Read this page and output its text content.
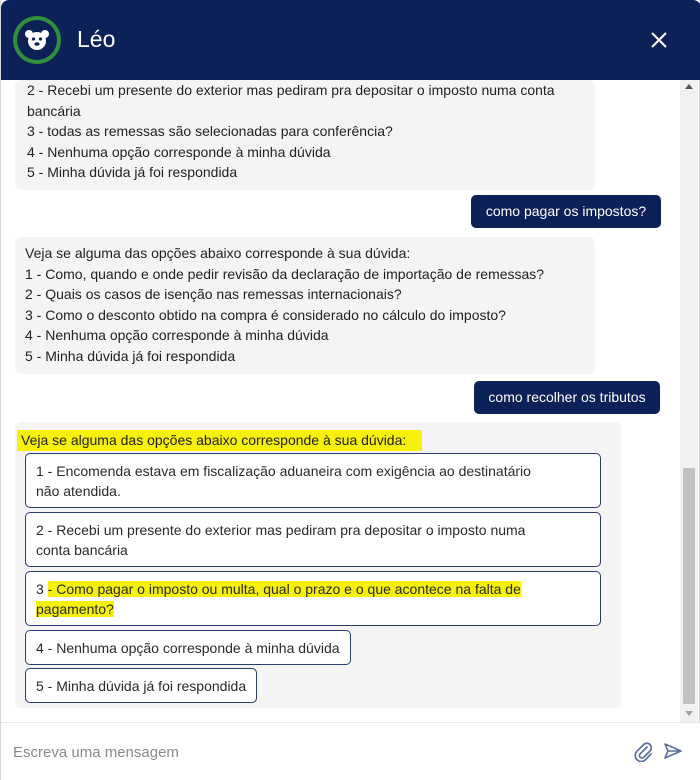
Léo
2 - Recebi um presente do exterior mas pediram pra depositar o imposto numa conta
bancária
3 - todas as remessas são selecionadas para conferência?
4 - Nenhuma opção corresponde à minha dúvida
5 - Minha dúvida já foi respondida
como pagar os impostos?
Veja se alguma das opções abaixo corresponde à sua dúvida:
1 - Como, quando e onde pedir revisão da declaração de importação de remessas?
2 - Quais os casos de isenção nas remessas internacionais?
3 - Como o desconto obtido na compra é considerado no cálculo do imposto?
4 - Nenhuma opção corresponde à minha dúvida
5 - Minha dúvida já foi respondida
como recolher os tributos
Veja se alguma das opções abaixo corresponde à sua dúvida:
1 - Encomenda estava em fiscalização aduaneira com exigência ao destinatário
não atendida.
2 - Recebi um presente do exterior mas pediram pra depositar o imposto numa
conta bancária
3 - Como pagar o imposto ou multa, qual o prazo e o que acontece na falta de
pagamento?
4 - Nenhuma opção corresponde à minha dúvida
5 - Minha dúvida já foi respondida
Escreva uma mensagem
